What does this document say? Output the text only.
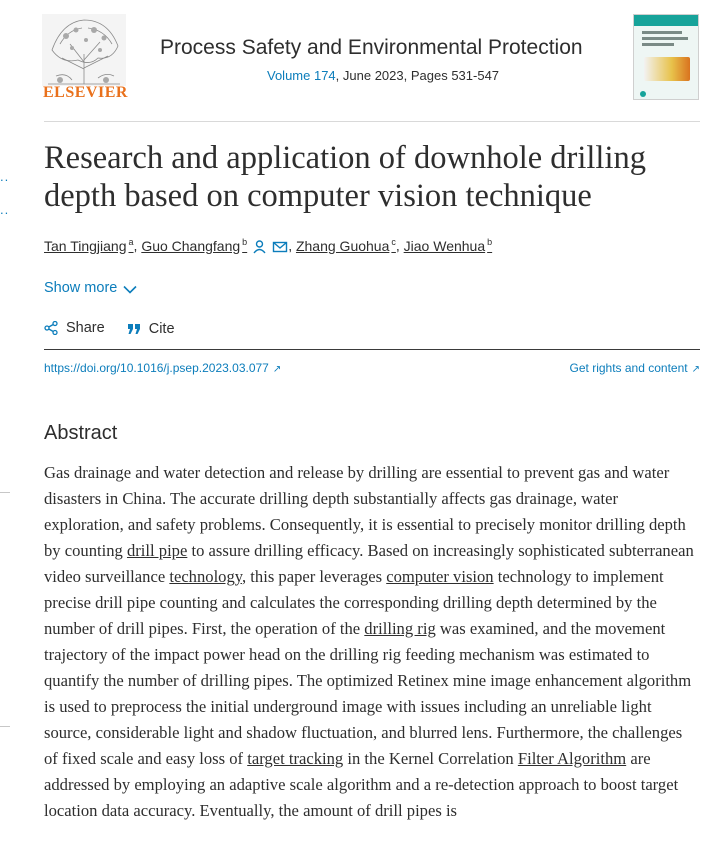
..
..
ELSEVIER
Process Safety and Environmental Protection
Volume 174, June 2023, Pages 531-547
Research and application of downhole drilling depth based on computer vision technique
Tan Tingjiang $^a$, Guo Changfang $^b$	, Zhang Guohua $^c$, Jiao Wenhua $^b$
Show more
Share
	Cite
https://doi.org/10.1016/j.psep.2023.03.077 ↗	Get rights and content ↗
Abstract

Gas drainage and water detection and release by drilling are essential to prevent gas and water disasters in China. The accurate drilling depth substantially affects gas drainage, water exploration, and safety problems. Consequently, it is essential to precisely monitor drilling depth by counting drill pipe to assure drilling efficacy. Based on increasingly sophisticated subterranean video surveillance technology, this paper leverages computer vision technology to implement precise drill pipe counting and calculates the corresponding drilling depth determined by the number of drill pipes. First, the operation of the drilling rig was examined, and the movement trajectory of the impact power head on the drilling rig feeding mechanism was estimated to quantify the number of drilling pipes. The optimized Retinex mine image enhancement algorithm is used to preprocess the initial underground image with issues including an unreliable light source, considerable light and shadow fluctuation, and blurred lens. Furthermore, the challenges of fixed scale and easy loss of target tracking in the Kernel Correlation Filter Algorithm are addressed by employing an adaptive scale algorithm and a re-detection approach to boost target location data accuracy. Eventually, the amount of drill pipes is
